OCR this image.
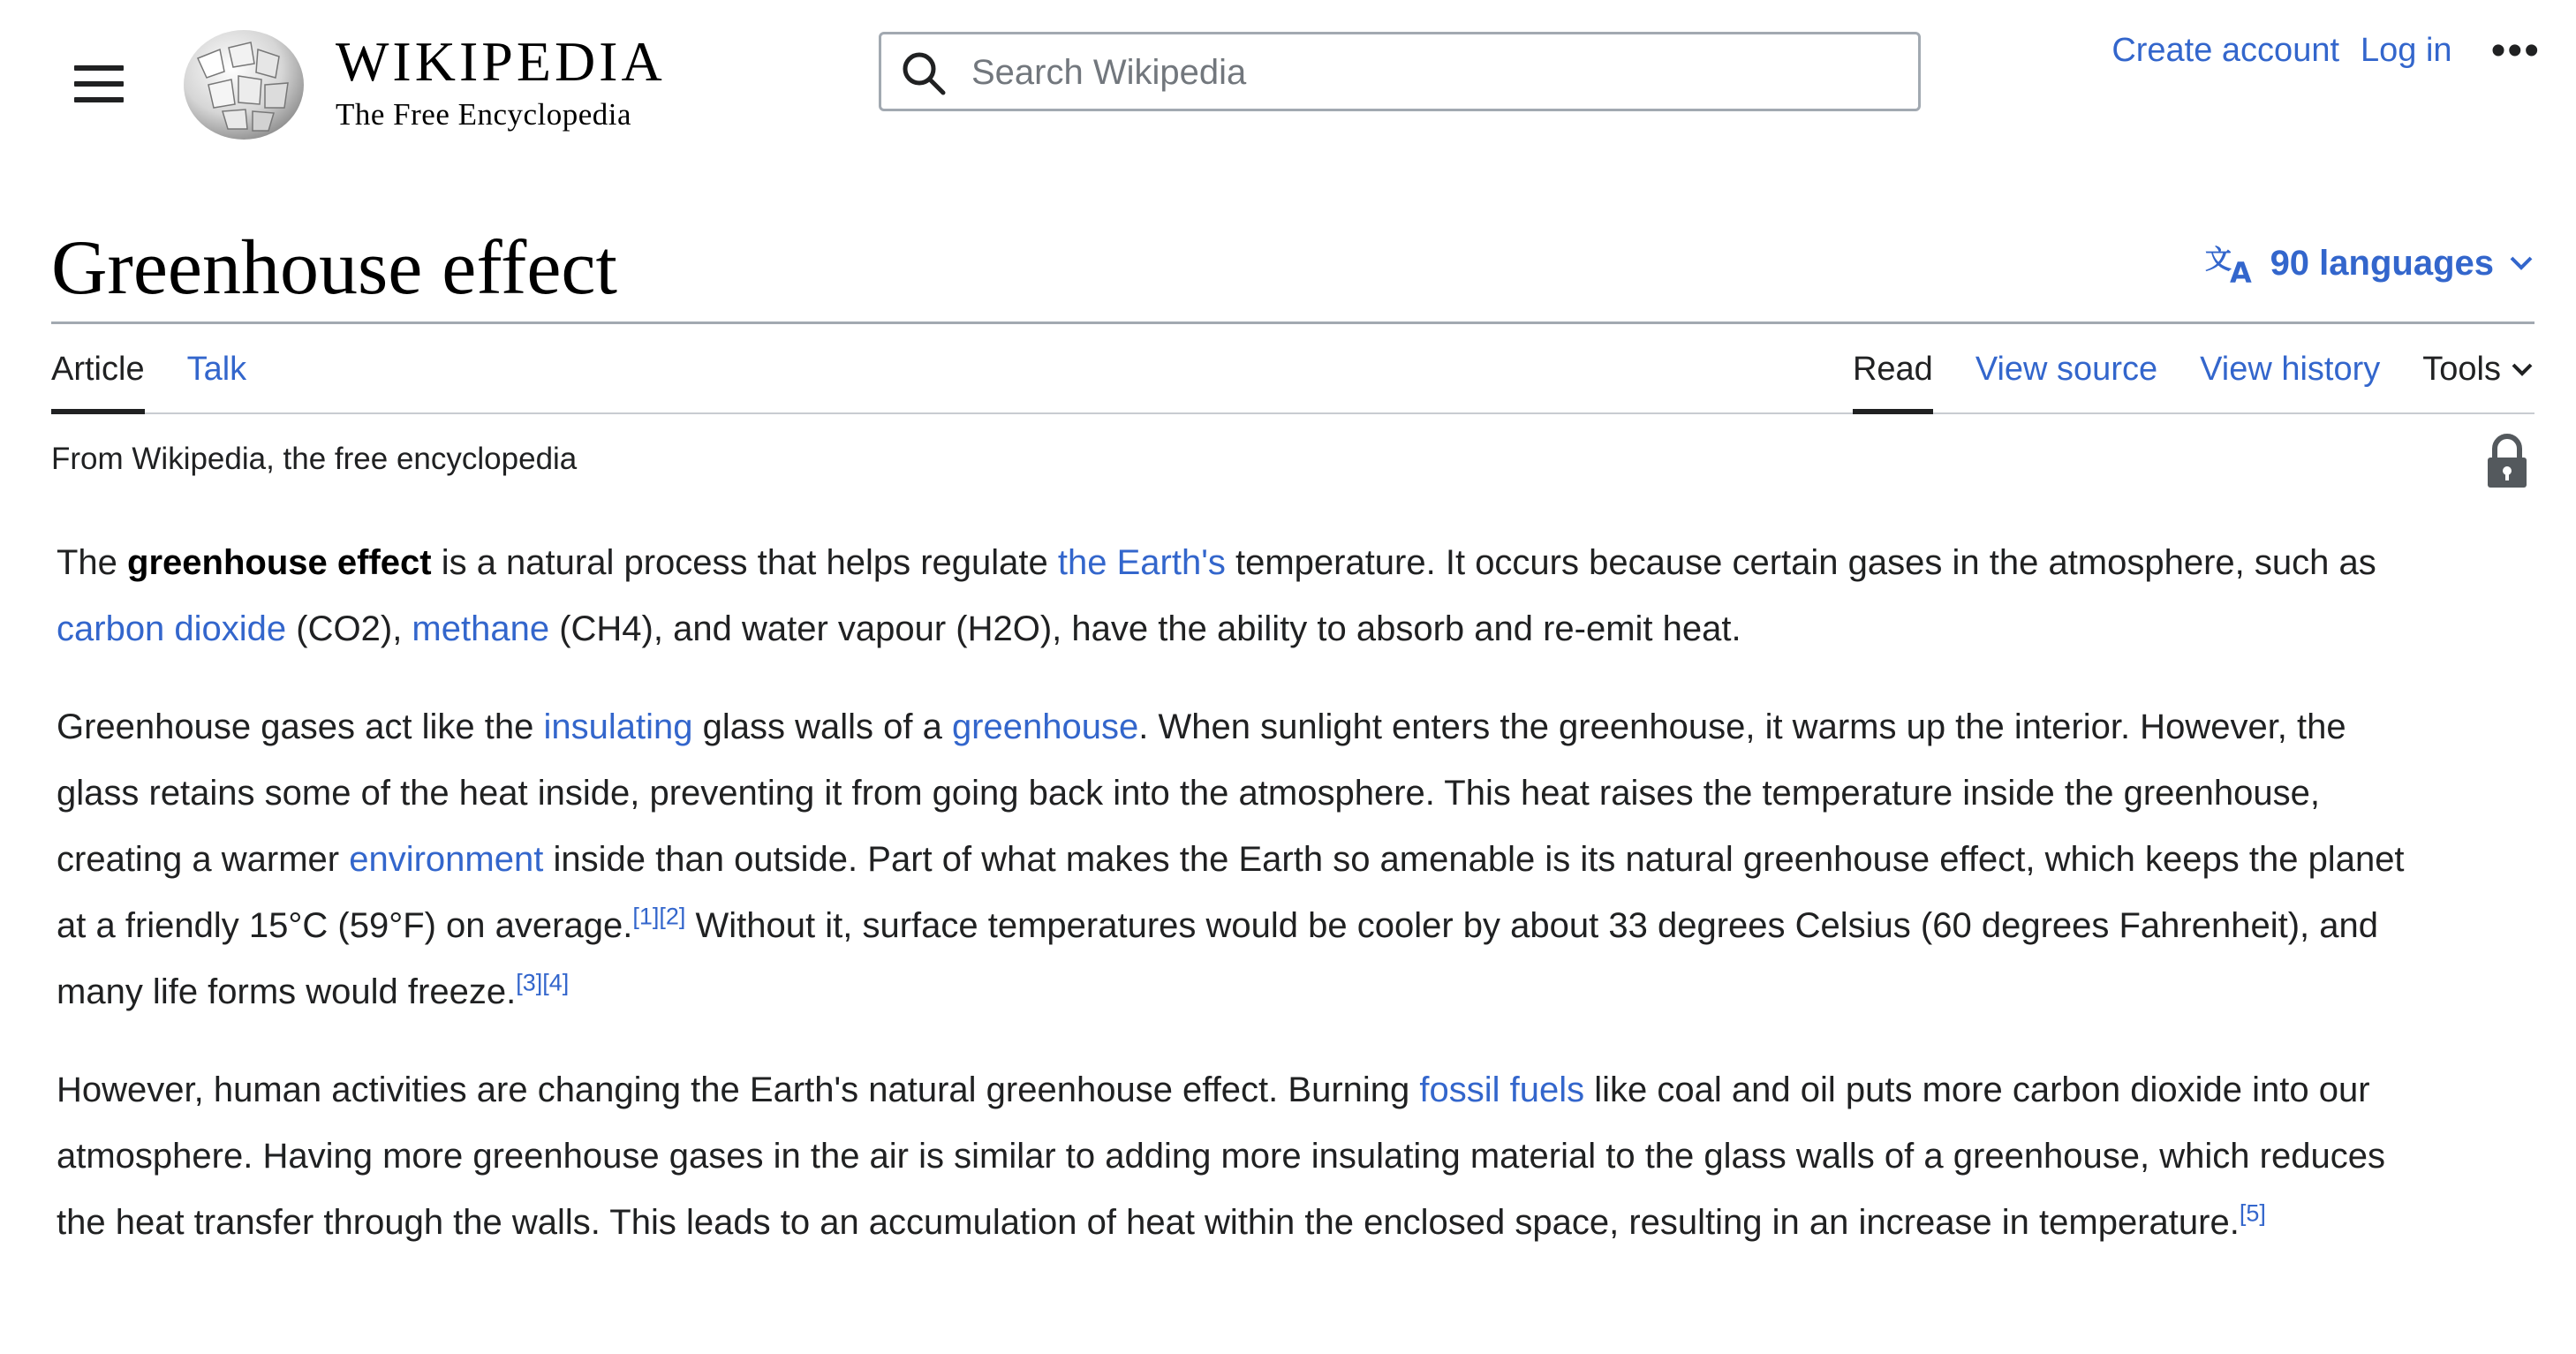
WIKIPEDIA
The Free Encyclopedia
Search Wikipedia
Create account Log in •••
Greenhouse effect	文
A 90 languages
Article Talk	Read View source View history Tools
From Wikipedia, the free encyclopedia

The greenhouse effect is a natural process that helps regulate the Earth's temperature. It occurs because certain gases in the atmosphere, such as carbon dioxide (CO2), methane (CH4), and water vapour (H2O), have the ability to absorb and re-emit heat.

Greenhouse gases act like the insulating glass walls of a greenhouse. When sunlight enters the greenhouse, it warms up the interior. However, the glass retains some of the heat inside, preventing it from going back into the atmosphere. This heat raises the temperature inside the greenhouse, creating a warmer environment inside than outside. Part of what makes the Earth so amenable is its natural greenhouse effect, which keeps the planet at a friendly 15°C (59°F) on average.[1][2] Without it, surface temperatures would be cooler by about 33 degrees Celsius (60 degrees Fahrenheit), and many life forms would freeze.[3][4]

However, human activities are changing the Earth's natural greenhouse effect. Burning fossil fuels like coal and oil puts more carbon dioxide into our atmosphere. Having more greenhouse gases in the air is similar to adding more insulating material to the glass walls of a greenhouse, which reduces the heat transfer through the walls. This leads to an accumulation of heat within the enclosed space, resulting in an increase in temperature.[5]
